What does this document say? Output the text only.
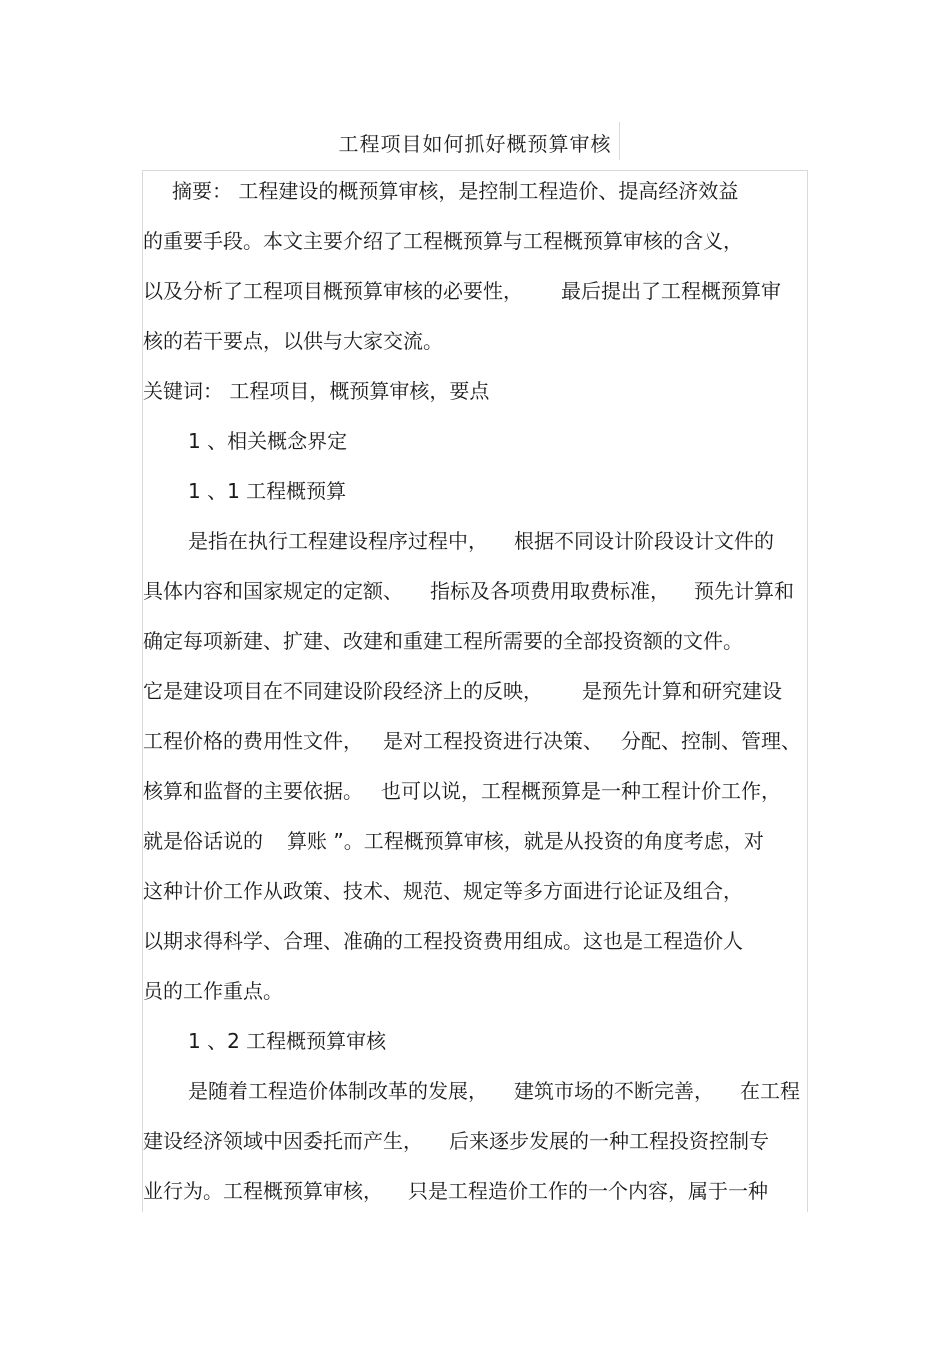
工程项目如何抓好概预算审核
摘要： 工程建设的概预算审核，是控制工程造价、提高经济效益
的重要手段。本文主要介绍了工程概预算与工程概预算审核的含义，
以及分析了工程项目概预算审核的必要性， 最后提出了工程概预算审
核的若干要点，以供与大家交流。
关键词： 工程项目，概预算审核，要点
1 、相关概念界定
1 、1 工程概预算
是指在执行工程建设程序过程中， 根据不同设计阶段设计文件的
具体内容和国家规定的定额、 指标及各项费用取费标准， 预先计算和
确定每项新建、扩建、改建和重建工程所需要的全部投资额的文件。
它是建设项目在不同建设阶段经济上的反映， 是预先计算和研究建设
工程价格的费用性文件， 是对工程投资进行决策、 分配、控制、管理、
核算和监督的主要依据。 也可以说，工程概预算是一种工程计价工作，
就是俗话说的 算账 ”。工程概预算审核，就是从投资的角度考虑，对
这种计价工作从政策、技术、规范、规定等多方面进行论证及组合，
以期求得科学、合理、准确的工程投资费用组成。这也是工程造价人
员的工作重点。
1 、2 工程概预算审核
是随着工程造价体制改革的发展， 建筑市场的不断完善， 在工程
建设经济领域中因委托而产生， 后来逐步发展的一种工程投资控制专
业行为。工程概预算审核， 只是工程造价工作的一个内容，属于一种
